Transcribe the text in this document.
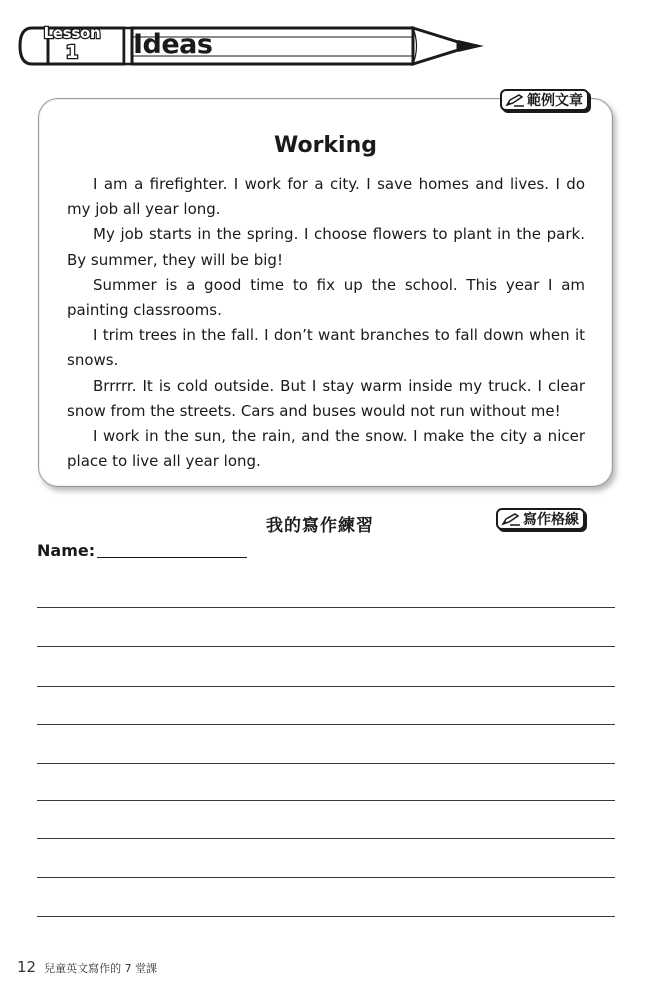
Lesson
1	Ideas
範例文章
Working

I am a firefighter. I work for a city. I save homes and lives. I do my job all year long.

My job starts in the spring. I choose flowers to plant in the park. By summer, they will be big!

Summer is a good time to fix up the school. This year I am painting classrooms.

I trim trees in the fall. I don’t want branches to fall down when it snows.

Brrrrr. It is cold outside. But I stay warm inside my truck. I clear snow from the streets. Cars and buses would not run without me!

I work in the sun, the rain, and the snow. I make the city a nicer place to live all year long.

我的寫作練習	寫作格線
Name:
12 兒童英文寫作的 7 堂課
